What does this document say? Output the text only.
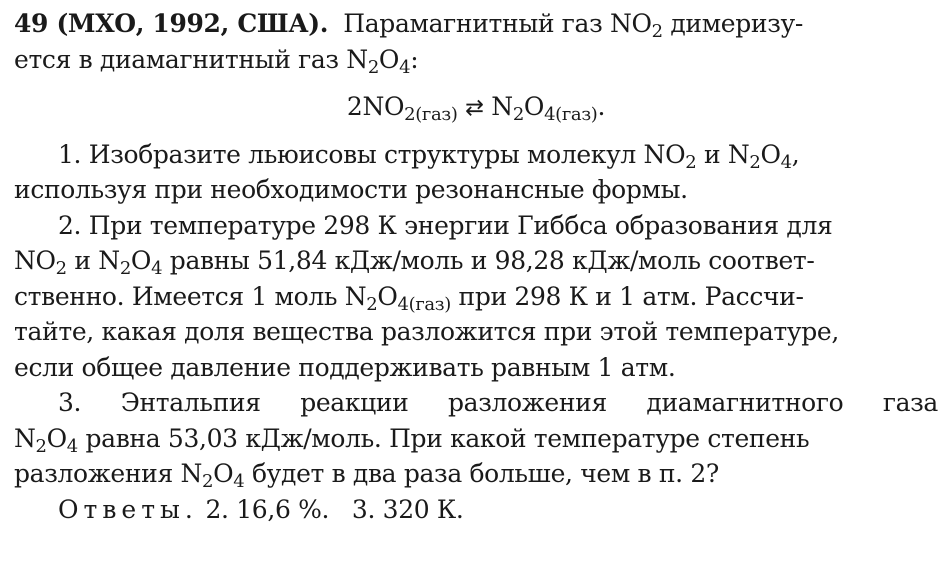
49 (МХО, 1992, США). Парамагнитный газ $NO_2$ димеризу-
ется в диамагнитный газ $N_2O_4$:
$2NO_{2(газ)}$ ⇄ $N_2O_{4(газ)}$.
1. Изобразите льюисовы структуры молекул $NO_2$ и $N_2O_4$,
используя при необходимости резонансные формы.
2. При температуре 298 К энергии Гиббса образования для
$NO_2$ и $N_2O_4$ равны 51,84 кДж/моль и 98,28 кДж/моль соответ-
ственно. Имеется 1 моль $N_2O_{4(газ)}$ при 298 К и 1 атм. Рассчи-
тайте, какая доля вещества разложится при этой температуре,
если общее давление поддерживать равным 1 атм.
3. Энтальпия реакции разложения диамагнитного газа
$N_2O_4$ равна 53,03 кДж/моль. При какой температуре степень
разложения $N_2O_4$ будет в два раза больше, чем в п. 2?
Ответы. 2. 16,6 %. 3. 320 К.
